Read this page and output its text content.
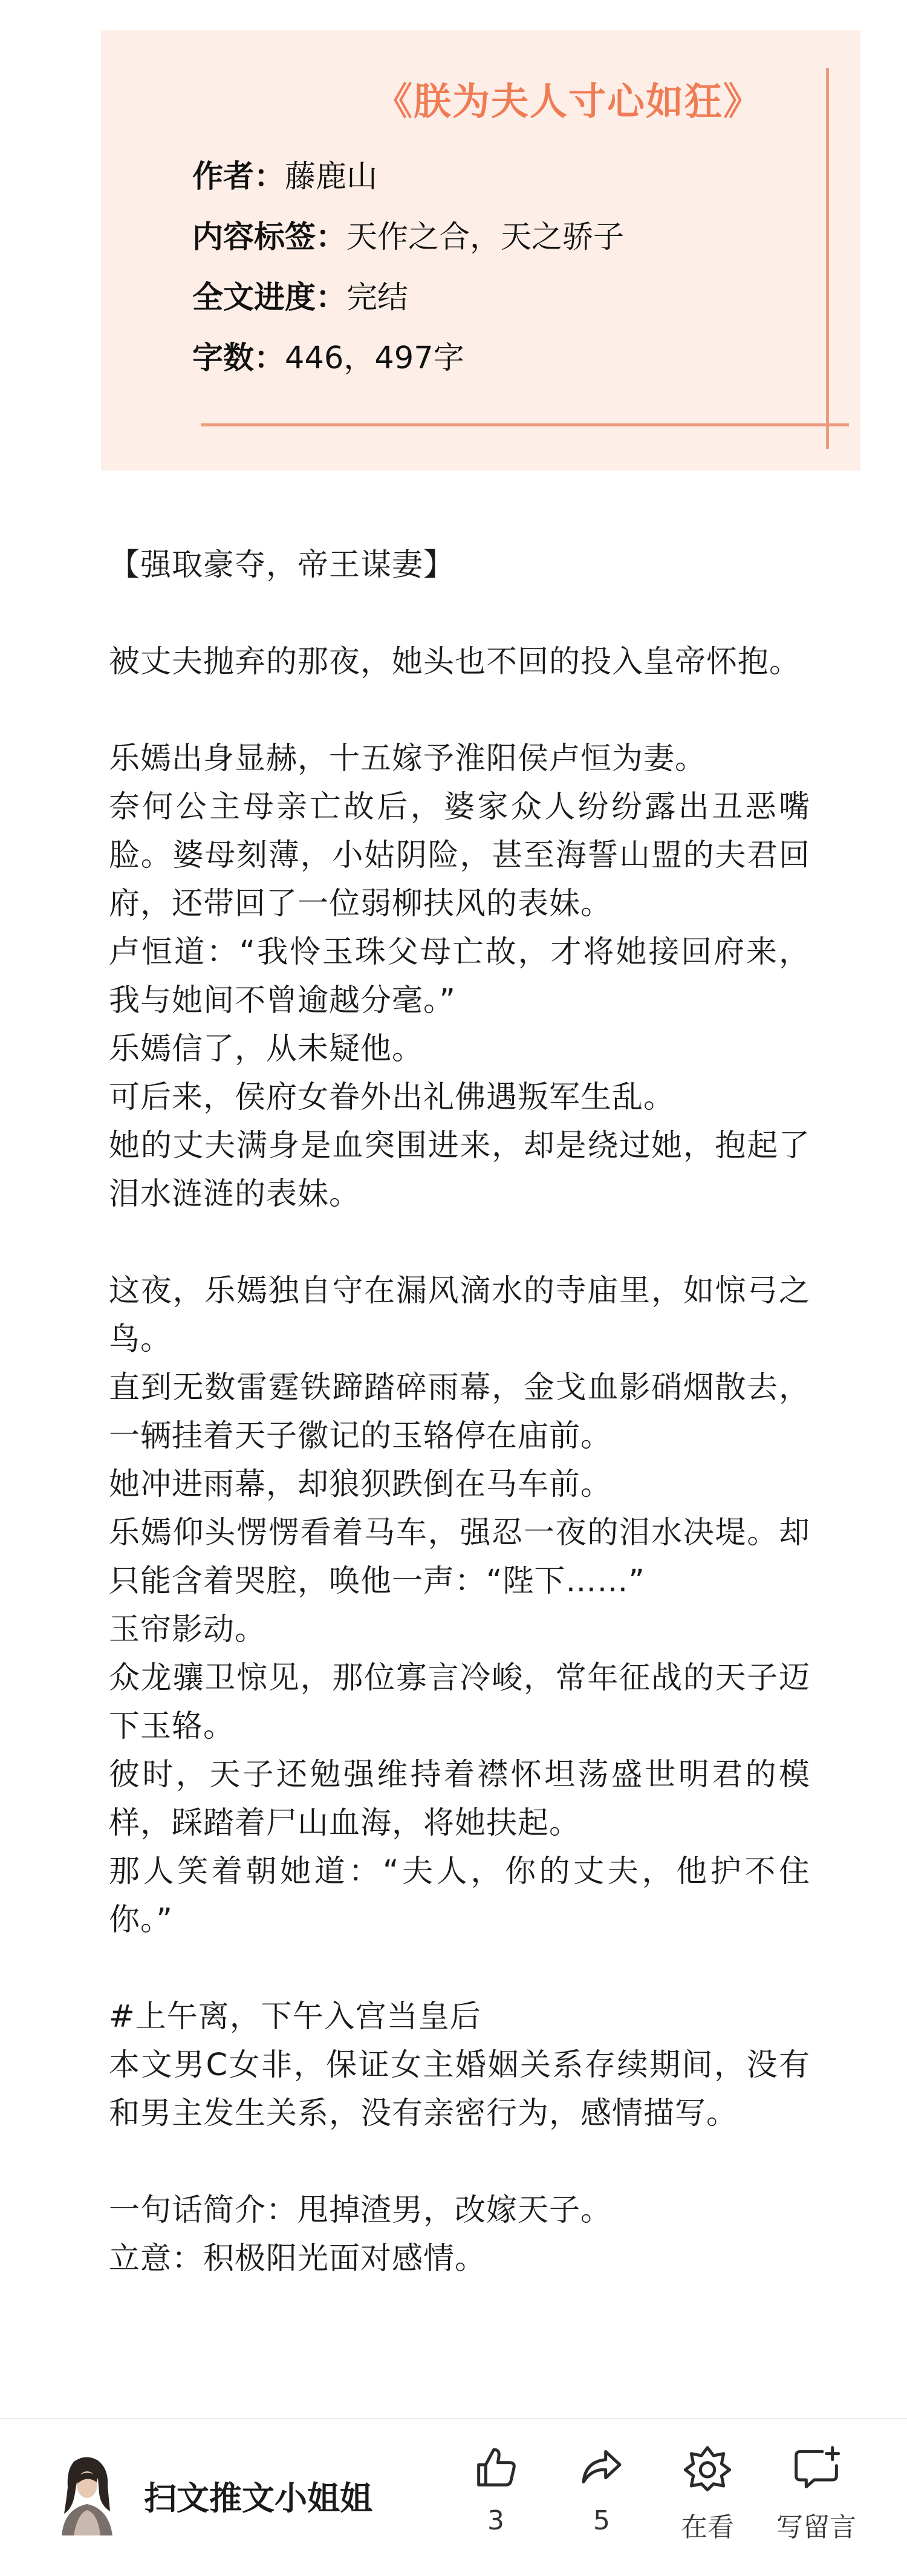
《朕为夫人寸心如狂》
作者：藤鹿山
内容标签：天作之合，天之骄子
全文进度：完结
字数：446，497字

【强取豪夺，帝王谋妻】

被丈夫抛弃的那夜，她头也不回的投入皇帝怀抱。

乐嫣出身显赫，十五嫁予淮阳侯卢恒为妻。

奈何公主母亲亡故后，婆家众人纷纷露出丑恶嘴脸。婆母刻薄，小姑阴险，甚至海誓山盟的夫君回府，还带回了一位弱柳扶风的表妹。

卢恒道：“我怜玉珠父母亡故，才将她接回府来，我与她间不曾逾越分毫。”

乐嫣信了，从未疑他。

可后来，侯府女眷外出礼佛遇叛军生乱。

她的丈夫满身是血突围进来，却是绕过她，抱起了泪水涟涟的表妹。

这夜，乐嫣独自守在漏风滴水的寺庙里，如惊弓之鸟。

直到无数雷霆铁蹄踏碎雨幕，金戈血影硝烟散去，一辆挂着天子徽记的玉辂停在庙前。

她冲进雨幕，却狼狈跌倒在马车前。

乐嫣仰头愣愣看着马车，强忍一夜的泪水决堤。却只能含着哭腔，唤他一声：“陛下……”

玉帘影动。

众龙骧卫惊见，那位寡言冷峻，常年征战的天子迈下玉辂。

彼时，天子还勉强维持着襟怀坦荡盛世明君的模样，踩踏着尸山血海，将她扶起。

那人笑着朝她道：“夫人，你的丈夫，他护不住你。”

#上午离，下午入宫当皇后

本文男C女非，保证女主婚姻关系存续期间，没有和男主发生关系，没有亲密行为，感情描写。

一句话简介：甩掉渣男，改嫁天子。

立意：积极阳光面对感情。

扫文推文小姐姐
3	5	在看	写留言
